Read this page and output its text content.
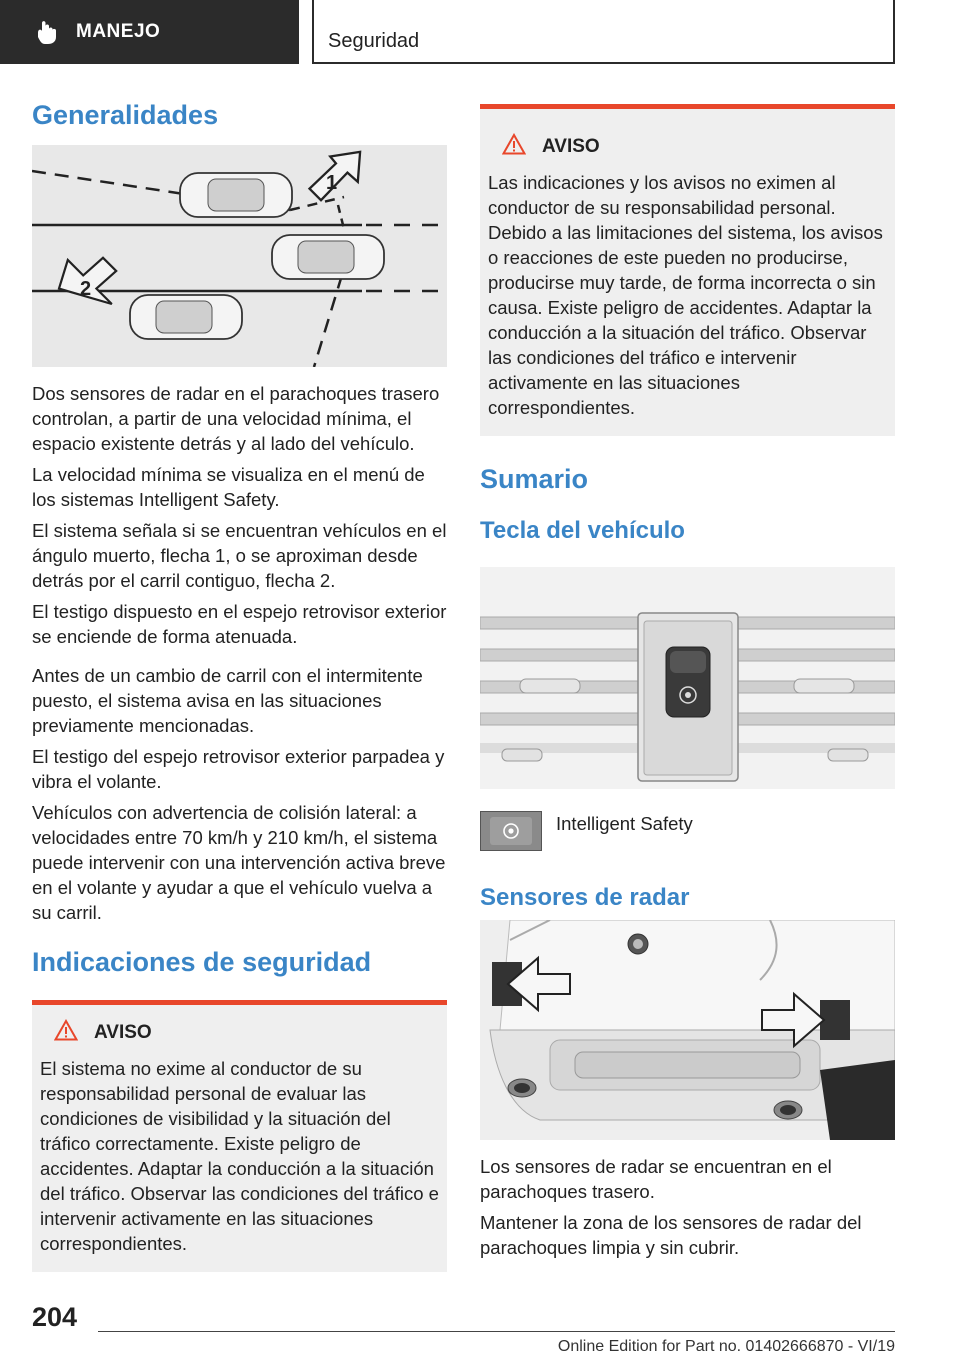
MANEJO	Seguridad
Generalidades
1
2

Dos sensores de radar en el parachoques trasero controlan, a partir de una velocidad mínima, el espacio existente detrás y al lado del vehículo.

La velocidad mínima se visualiza en el menú de los sistemas Intelligent Safety.

El sistema señala si se encuentran vehículos en el ángulo muerto, flecha 1, o se aproximan desde detrás por el carril contiguo, flecha 2.

El testigo dispuesto en el espejo retrovisor exterior se enciende de forma atenuada.

Antes de un cambio de carril con el intermitente puesto, el sistema avisa en las situaciones previamente mencionadas.

El testigo del espejo retrovisor exterior parpadea y vibra el volante.

Vehículos con advertencia de colisión lateral: a velocidades entre 70 km/h y 210 km/h, el sistema puede intervenir con una intervención activa breve en el volante y ayudar a que el vehículo vuelva a su carril.

Indicaciones de seguridad
AVISO

El sistema no exime al conductor de su responsabilidad personal de evaluar las condiciones de visibilidad y la situación del tráfico correctamente. Existe peligro de accidentes. Adaptar la conducción a la situación del tráfico. Observar las condiciones del tráfico e intervenir activamente en las situaciones correspondientes.

AVISO

Las indicaciones y los avisos no eximen al conductor de su responsabilidad personal. Debido a las limitaciones del sistema, los avisos o reacciones de este pueden no producirse, producirse muy tarde, de forma incorrecta o sin causa. Existe peligro de accidentes. Adaptar la conducción a la situación del tráfico. Observar las condiciones del tráfico e intervenir activamente en las situaciones correspondientes.

Sumario
Tecla del vehículo
Intelligent Safety
Sensores de radar

Los sensores de radar se encuentran en el parachoques trasero.

Mantener la zona de los sensores de radar del parachoques limpia y sin cubrir.

204
Online Edition for Part no. 01402666870 - VI/19
